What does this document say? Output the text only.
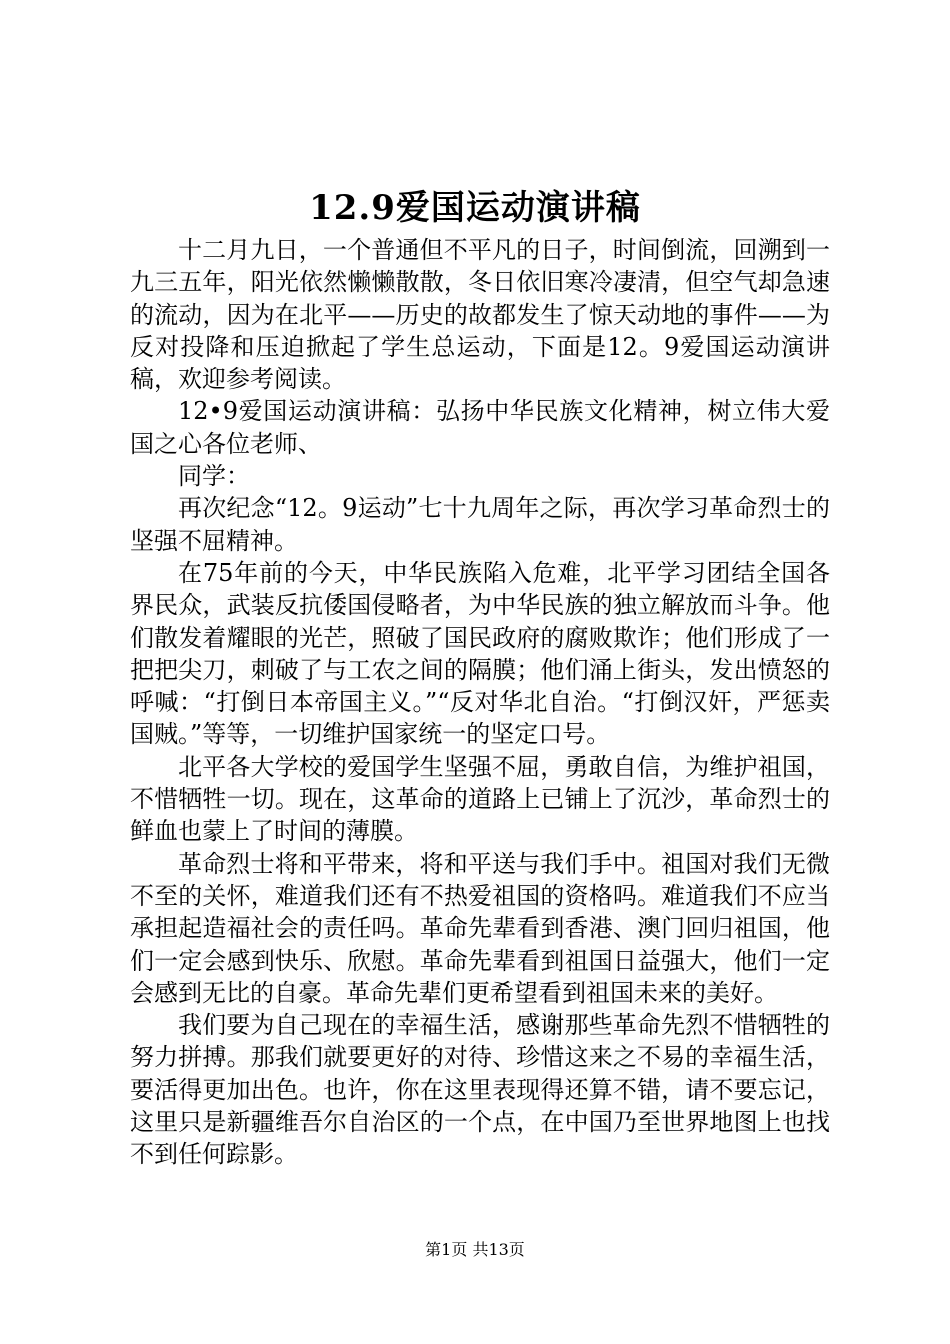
12.9爱国运动演讲稿

十二月九日，一个普通但不平凡的日子，时间倒流，回溯到一九三五年，阳光依然懒懒散散，冬日依旧寒冷凄清，但空气却急速的流动，因为在北平——历史的故都发生了惊天动地的事件——为反对投降和压迫掀起了学生总运动，下面是12。9爱国运动演讲稿，欢迎参考阅读。

12•9爱国运动演讲稿：弘扬中华民族文化精神，树立伟大爱国之心各位老师、

同学：

再次纪念“12。9运动”七十九周年之际，再次学习革命烈士的坚强不屈精神。

在75年前的今天，中华民族陷入危难，北平学习团结全国各界民众，武装反抗倭国侵略者，为中华民族的独立解放而斗争。他们散发着耀眼的光芒，照破了国民政府的腐败欺诈；他们形成了一把把尖刀，刺破了与工农之间的隔膜；他们涌上街头，发出愤怒的呼喊：“打倒日本帝国主义。”“反对华北自治。“打倒汉奸，严惩卖国贼。”等等，一切维护国家统一的坚定口号。

北平各大学校的爱国学生坚强不屈，勇敢自信，为维护祖国，不惜牺牲一切。现在，这革命的道路上已铺上了沉沙，革命烈士的鲜血也蒙上了时间的薄膜。

革命烈士将和平带来，将和平送与我们手中。祖国对我们无微不至的关怀，难道我们还有不热爱祖国的资格吗。难道我们不应当承担起造福社会的责任吗。革命先辈看到香港、澳门回归祖国，他们一定会感到快乐、欣慰。革命先辈看到祖国日益强大，他们一定会感到无比的自豪。革命先辈们更希望看到祖国未来的美好。

我们要为自己现在的幸福生活，感谢那些革命先烈不惜牺牲的努力拼搏。那我们就要更好的对待、珍惜这来之不易的幸福生活，要活得更加出色。也许，你在这里表现得还算不错，请不要忘记，这里只是新疆维吾尔自治区的一个点，在中国乃至世界地图上也找不到任何踪影。

第1页 共13页
